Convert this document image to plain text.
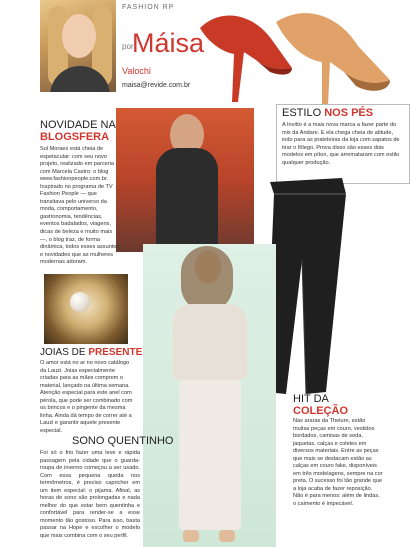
FASHION RP
por
Máisa
Valochi
maisa@revide.com.br
NOVIDADE NA
BLOGSFERA
Sol Moraes está cheia de espetacular: com seu novo projeto, realizado em parceria com Marcela Castro: o blog www.fashionpeople.com.br. Inspirado no programa de TV Fashion People — que transitava pelo universo da moda, comportamento, gastronomia, tendências, eventos badalados, viagens, dicas de beleza e muito mais —, o blog traz, de forma dinâmica, todos esses assuntos e novidades que as mulheres modernas adoram.
ESTILO NOS PÉS
A Invitto é a mais nova marca a fazer parte do mix da Andare. E ela chega cheia de atitude, indo para as prateleiras da loja com sapatos de tirar o fôlego. Prova disso são esses dois modelos em píton, que arremataram com estilo qualquer produção.
JOIAS DE PRESENTE
O amor está no ar no novo catálogo da Lauzi. Joias especialmente criadas para as mães comprem o material, lançado na última semana. Atenção especial para este anel com pérola, que pode ser combinado com os brincos e o pingente da mesma linha. Ainda dá tempo de correr até a Lauzi e garantir aquele presente especial.
HIT DA
COLEÇÃO
Nas araras da Thelure, estão muitas peças em couro, vestidos bordados, camisas de seda, jaquetas, calças e coletes em diversos materiais. Entre as peças que mais se destacam estão as calças em couro fake, disponíveis em três modelagens, sempre na cor preta. O sucesso foi tão grande que a loja acaba de fazer reposição. Não é para menos: além de lindas, o caimento é impecável.
SONO QUENTINHO
Foi só o frio fazer uma leve e rápida passagem pela cidade que o guarda-roupa de inverno começou a ser usado. Com essa pequena queda nos termômetros, é preciso capricher em um item especial: o pijama. Afinal, as horas de sono são prolongadas e nada melhor do que estar bem quentinha e confortável para render-se a esse momento tão gostoso. Para isso, basta passar na Hope e escolher o modelo que mais combina com o seu perfil.
